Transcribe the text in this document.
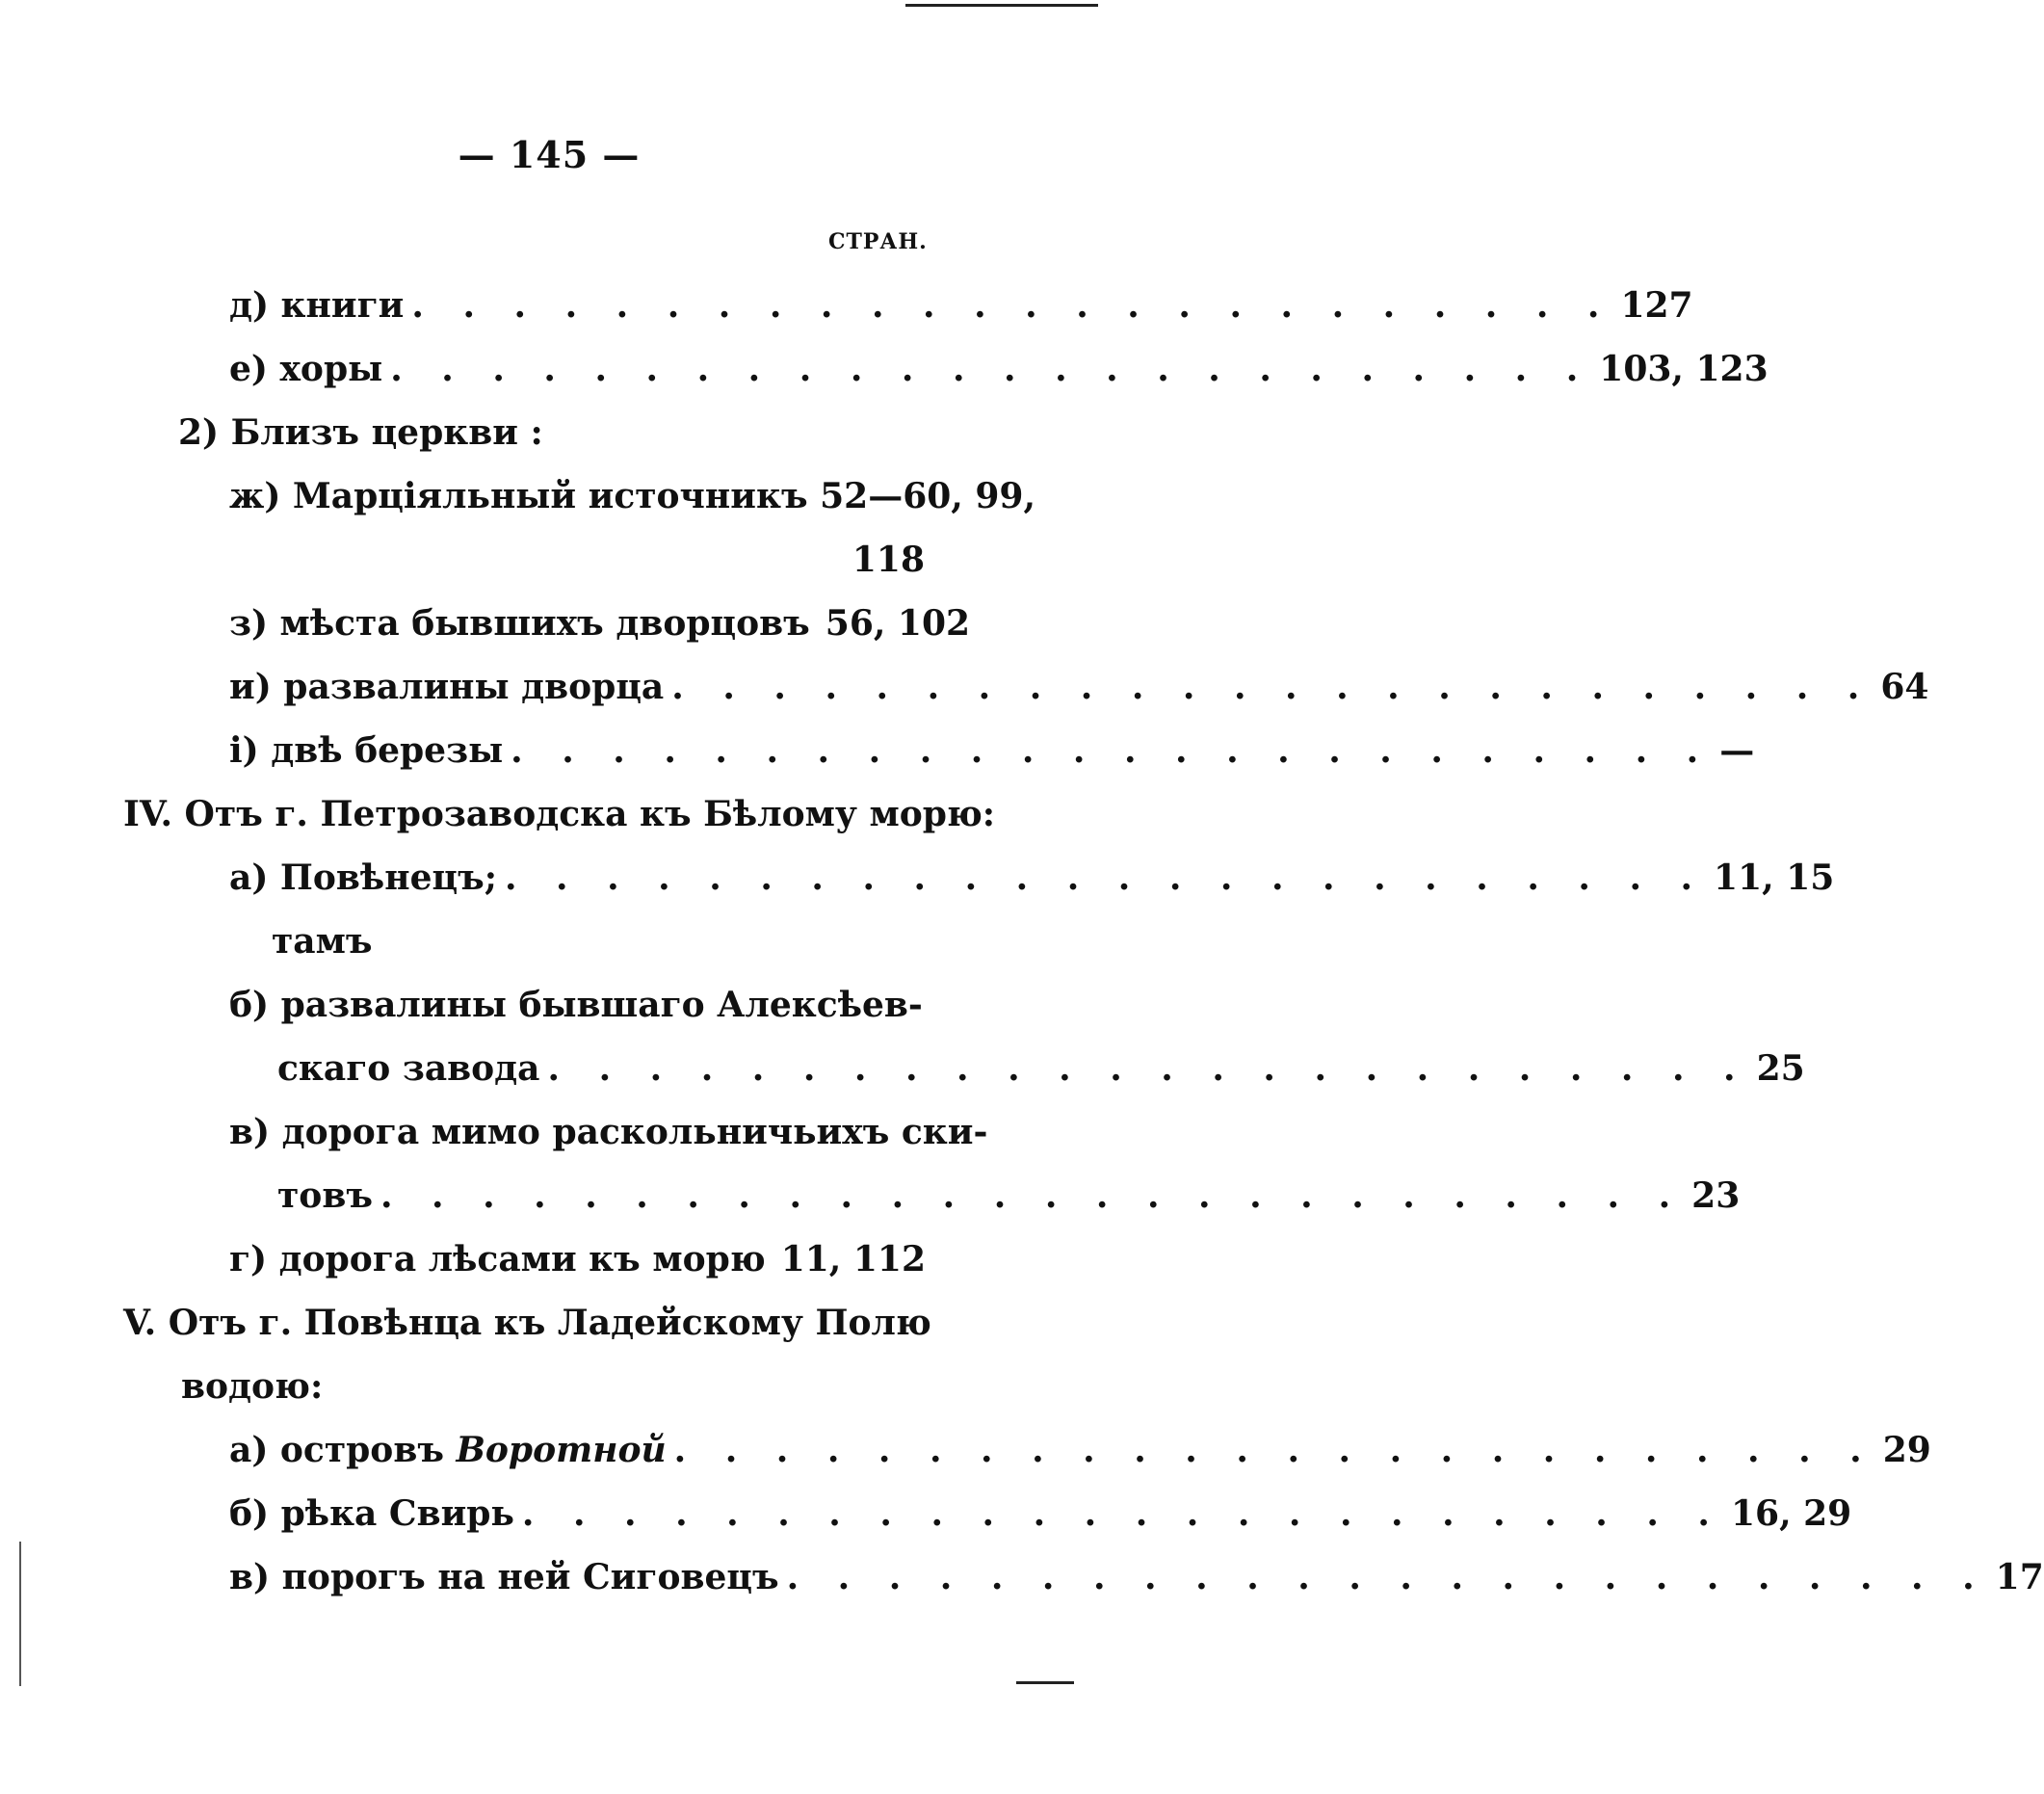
— 145 —
СТРАН.
д) книги . . . . . . . . . . . . . . . . . . . . . . . . 127
е) хоры . . . . . . . . . . . . . . . . . . . . . . . . 103, 123
2) Близъ церкви :
ж) Марціяльный источникъ 52—60, 99,
118
з) мѣста бывшихъ дворцовъ 56, 102
и) развалины дворца . . . . . . . . . . . . . . . . . . . . . . . . 64
і) двѣ березы . . . . . . . . . . . . . . . . . . . . . . . . —
IV. Отъ г. Петрозаводска къ Бѣлому морю:
а) Повѣнецъ; . . . . . . . . . . . . . . . . . . . . . . . . 11, 15
тамъ
б) развалины бывшаго Алексѣев-
скаго завода . . . . . . . . . . . . . . . . . . . . . . . . 25
в) дорога мимо раскольничьихъ ски-
товъ . . . . . . . . . . . . . . . . . . . . . . . . . . 23
г) дорога лѣсами къ морю 11, 112
V. Отъ г. Повѣнца къ Ладейскому Полю
водою:
а) островъ Воротной . . . . . . . . . . . . . . . . . . . . . . . . 29
б) рѣка Свирь . . . . . . . . . . . . . . . . . . . . . . . . 16, 29
в) порогъ на ней Сиговецъ . . . . . . . . . . . . . . . . . . . . . . . . 17
